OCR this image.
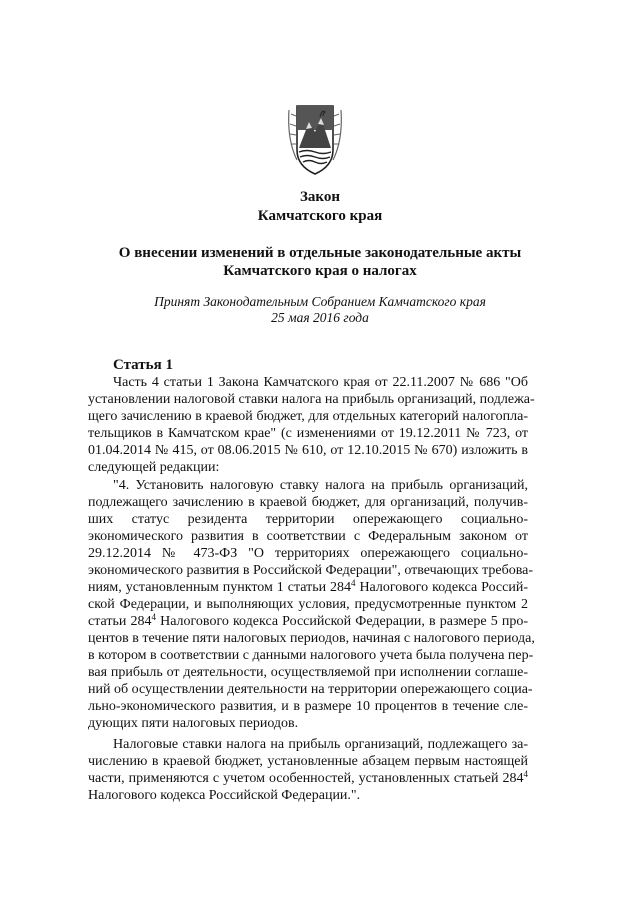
Закон
Камчатского края
О внесении изменений в отдельные законодательные акты
Камчатского края о налогах
Принят Законодательным Собранием Камчатского края
25 мая 2016 года
Статья 1
Часть 4 статьи 1 Закона Камчатского края от 22.11.2007 № 686 "Об
установлении налоговой ставки налога на прибыль организаций, подлежа-
щего зачислению в краевой бюджет, для отдельных категорий налогопла-
тельщиков в Камчатском крае" (с изменениями от 19.12.2011 № 723, от
01.04.2014 № 415, от 08.06.2015 № 610, от 12.10.2015 № 670) изложить в
следующей редакции:
"4. Установить налоговую ставку налога на прибыль организаций,
подлежащего зачислению в краевой бюджет, для организаций, получив-
ших статус резидента территории опережающего социально-
экономического развития в соответствии с Федеральным законом от
29.12.2014 № 473-ФЗ "О территориях опережающего социально-
экономического развития в Российской Федерации", отвечающих требова-
ниям, установленным пунктом 1 статьи $284^4$ Налогового кодекса Россий-
ской Федерации, и выполняющих условия, предусмотренные пунктом 2
статьи $284^4$ Налогового кодекса Российской Федерации, в размере 5 про-
центов в течение пяти налоговых периодов, начиная с налогового периода,
в котором в соответствии с данными налогового учета была получена пер-
вая прибыль от деятельности, осуществляемой при исполнении соглаше-
ний об осуществлении деятельности на территории опережающего социа-
льно-экономического развития, и в размере 10 процентов в течение сле-
дующих пяти налоговых периодов.
Налоговые ставки налога на прибыль организаций, подлежащего за-
числению в краевой бюджет, установленные абзацем первым настоящей
части, применяются с учетом особенностей, установленных статьей $284^4$
Налогового кодекса Российской Федерации.".
